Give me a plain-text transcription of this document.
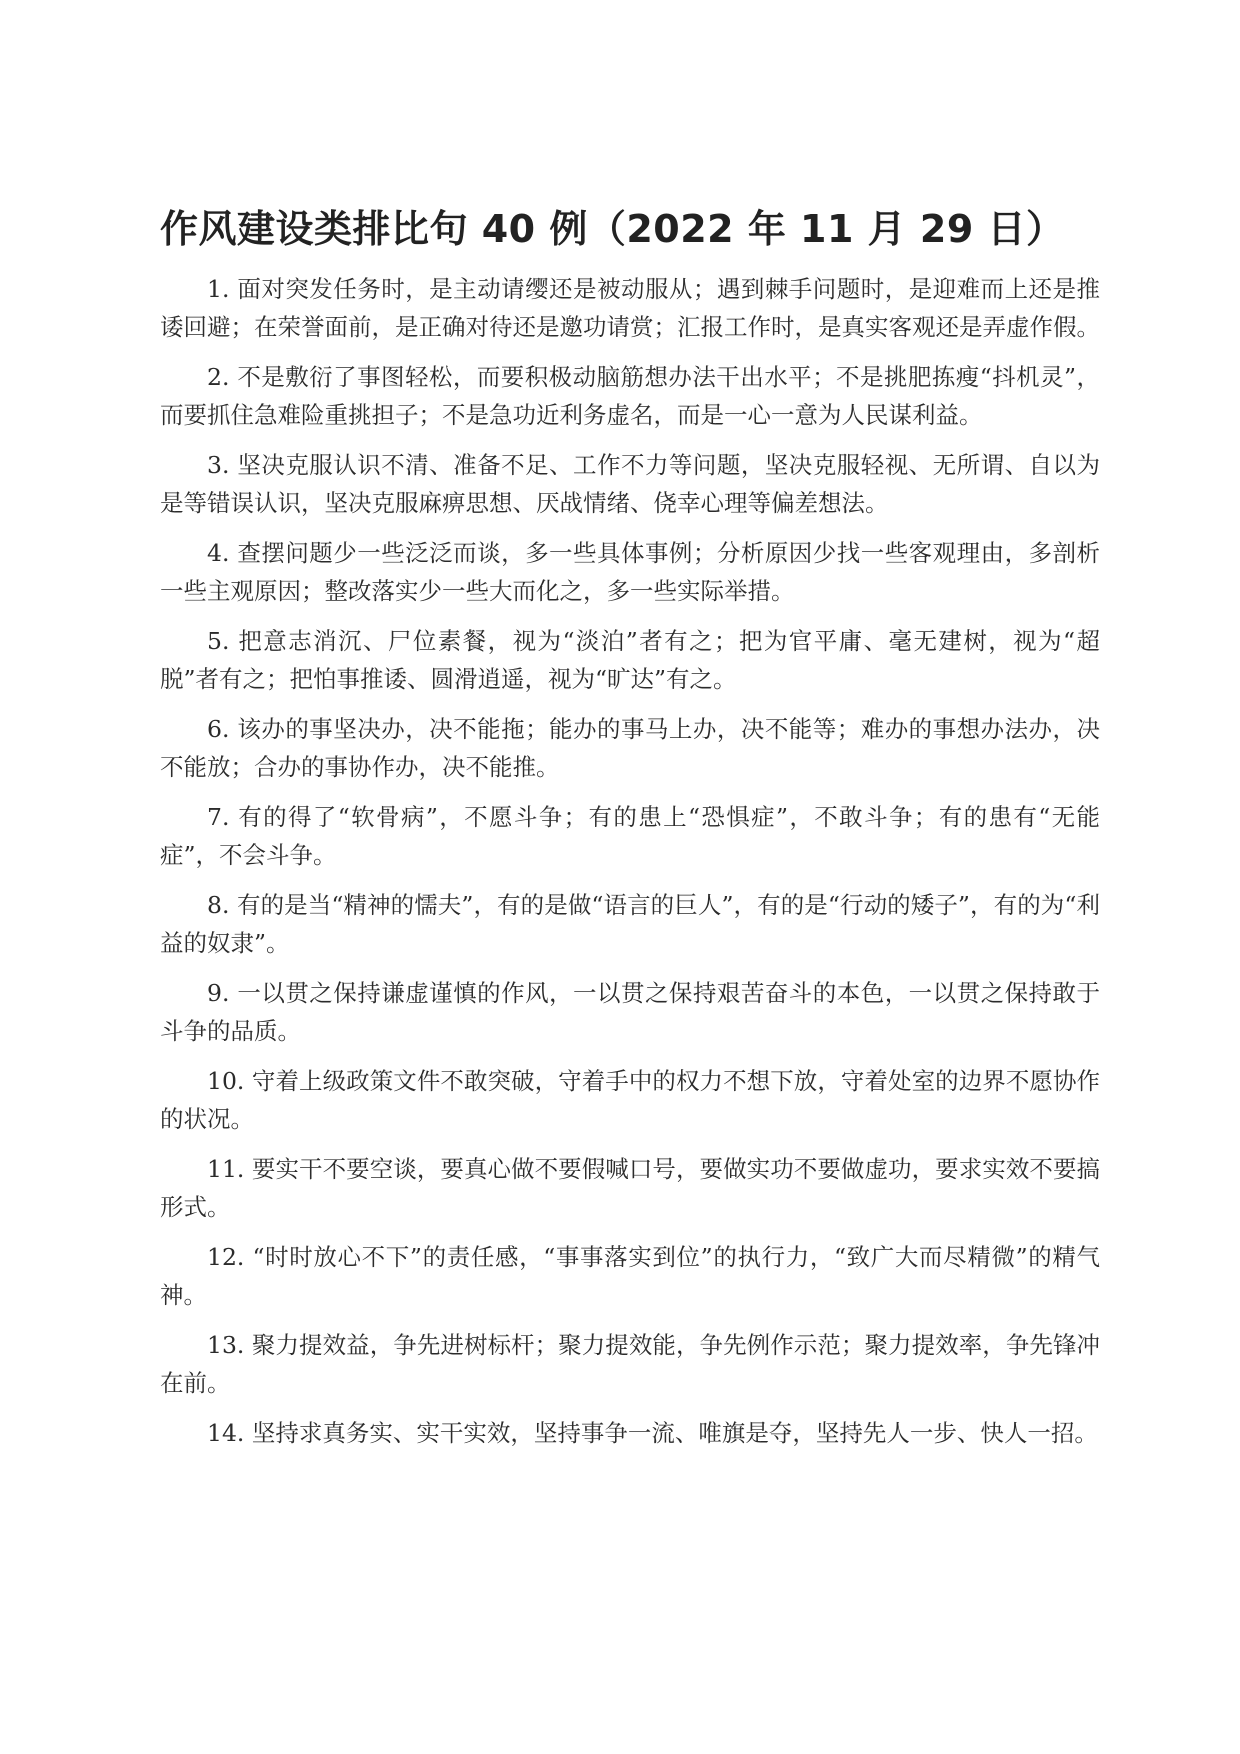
作风建设类排比句 40 例（2022 年 11 月 29 日）

1. 面对突发任务时，是主动请缨还是被动服从；遇到棘手问题时，是迎难而上还是推诿回避；在荣誉面前，是正确对待还是邀功请赏；汇报工作时，是真实客观还是弄虚作假。

2. 不是敷衍了事图轻松，而要积极动脑筋想办法干出水平；不是挑肥拣瘦“抖机灵”，而要抓住急难险重挑担子；不是急功近利务虚名，而是一心一意为人民谋利益。

3. 坚决克服认识不清、准备不足、工作不力等问题，坚决克服轻视、无所谓、自以为是等错误认识，坚决克服麻痹思想、厌战情绪、侥幸心理等偏差想法。

4. 查摆问题少一些泛泛而谈，多一些具体事例；分析原因少找一些客观理由，多剖析一些主观原因；整改落实少一些大而化之，多一些实际举措。

5. 把意志消沉、尸位素餐，视为“淡泊”者有之；把为官平庸、毫无建树，视为“超脱”者有之；把怕事推诿、圆滑逍遥，视为“旷达”有之。

6. 该办的事坚决办，决不能拖；能办的事马上办，决不能等；难办的事想办法办，决不能放；合办的事协作办，决不能推。

7. 有的得了“软骨病”，不愿斗争；有的患上“恐惧症”，不敢斗争；有的患有“无能症”，不会斗争。

8. 有的是当“精神的懦夫”，有的是做“语言的巨人”，有的是“行动的矮子”，有的为“利益的奴隶”。

9. 一以贯之保持谦虚谨慎的作风，一以贯之保持艰苦奋斗的本色，一以贯之保持敢于斗争的品质。

10. 守着上级政策文件不敢突破，守着手中的权力不想下放，守着处室的边界不愿协作的状况。

11. 要实干不要空谈，要真心做不要假喊口号，要做实功不要做虚功，要求实效不要搞形式。

12. “时时放心不下”的责任感，“事事落实到位”的执行力，“致广大而尽精微”的精气神。

13. 聚力提效益，争先进树标杆；聚力提效能，争先例作示范；聚力提效率，争先锋冲在前。

14. 坚持求真务实、实干实效，坚持事争一流、唯旗是夺，坚持先人一步、快人一招。
